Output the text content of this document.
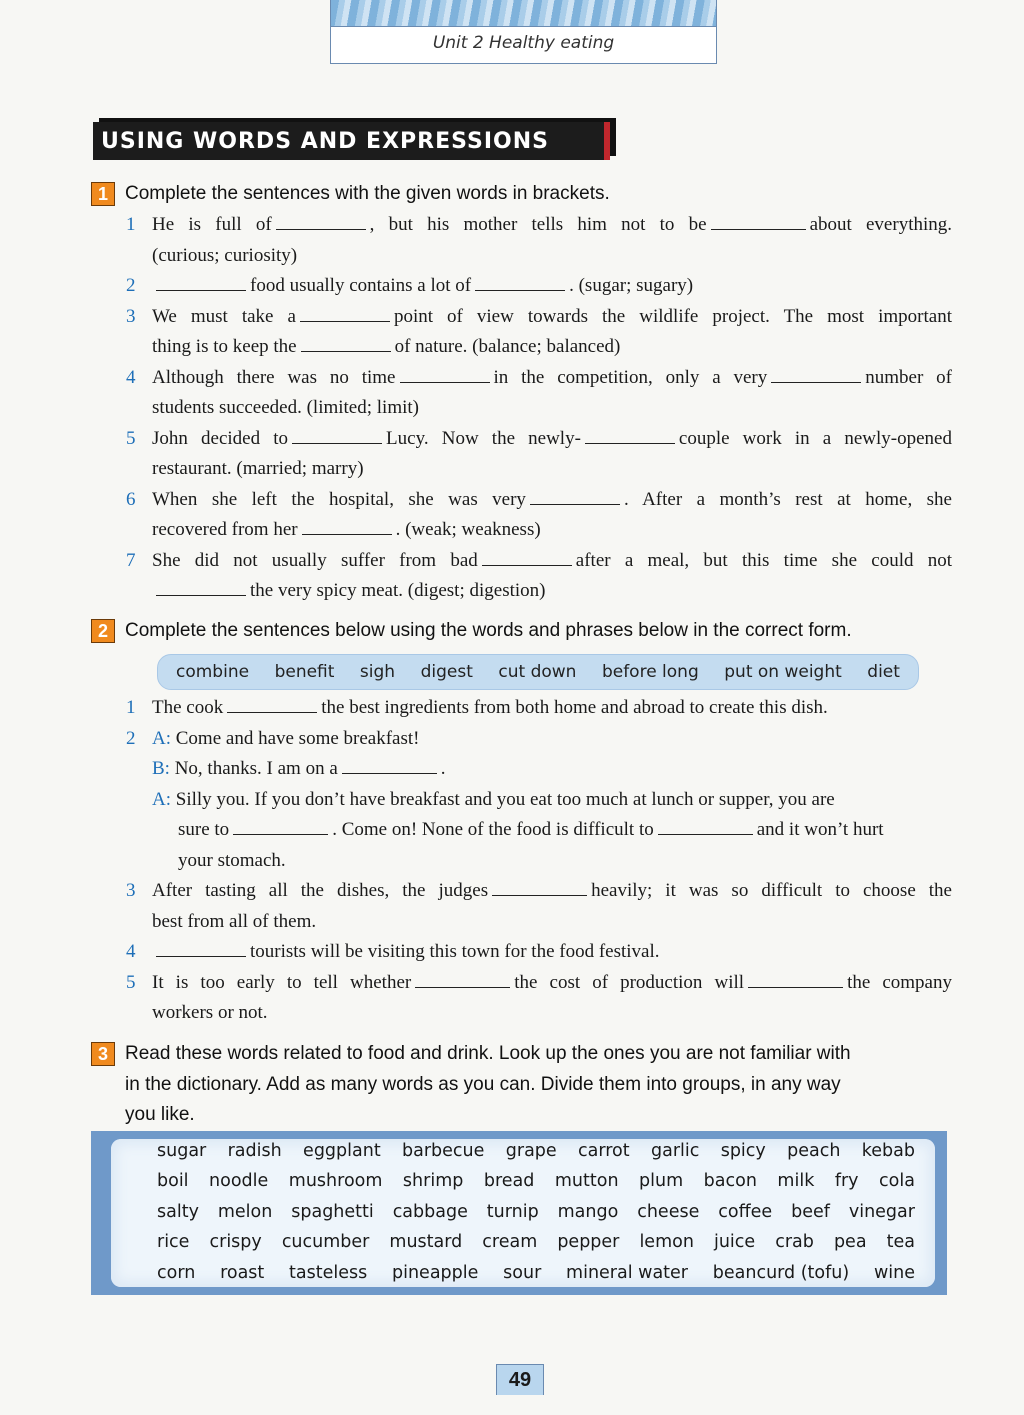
Unit 2 Healthy eating
USING WORDS AND EXPRESSIONS
1 Complete the sentences with the given words in brackets.
1 He is full of	, but his mother tells him not to be	about everything.
(curious; curiosity)
2	food usually contains a lot of	. (sugar; sugary)
3 We must take a	point of view towards the wildlife project. The most important
thing is to keep the	of nature. (balance; balanced)
4 Although there was no time	in the competition, only a very	number of
students succeeded. (limited; limit)
5 John decided to	Lucy. Now the newly-	couple work in a newly-opened
restaurant. (married; marry)
6 When she left the hospital, she was very	. After a month’s rest at home, she
recovered from her	. (weak; weakness)
7 She did not usually suffer from bad	after a meal, but this time she could not
the very spicy meat. (digest; digestion)
2 Complete the sentences below using the words and phrases below in the correct form.
combine benefit sigh digest cut down before long put on weight diet
1 The cook	the best ingredients from both home and abroad to create this dish.
2 A: Come and have some breakfast!
B: No, thanks. I am on a	.
A: Silly you. If you don’t have breakfast and you eat too much at lunch or supper, you are
sure to	. Come on! None of the food is difficult to	and it won’t hurt
your stomach.
3 After tasting all the dishes, the judges	heavily; it was so difficult to choose the
best from all of them.
4	tourists will be visiting this town for the food festival.
5 It is too early to tell whether	the cost of production will	the company
workers or not.
3 Read these words related to food and drink. Look up the ones you are not familiar with
in the dictionary. Add as many words as you can. Divide them into groups, in any way
you like.
sugar radish eggplant barbecue grape carrot garlic spicy peach kebab
boil noodle mushroom shrimp bread mutton plum bacon milk fry cola
salty melon spaghetti cabbage turnip mango cheese coffee beef vinegar
rice crispy cucumber mustard cream pepper lemon juice crab pea tea
corn roast tasteless pineapple sour mineral water beancurd (tofu) wine
49
